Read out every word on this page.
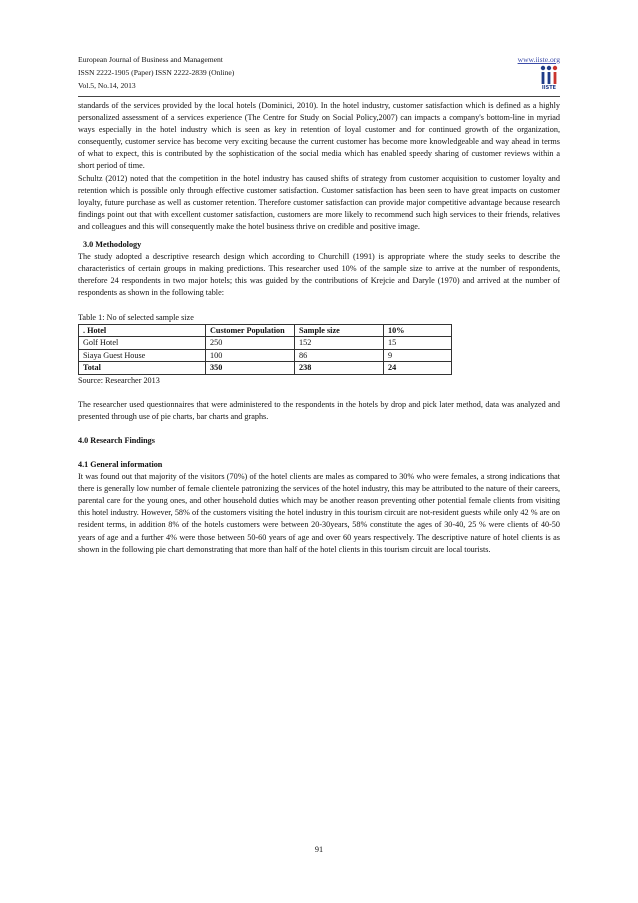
European Journal of Business and Management
ISSN 2222-1905 (Paper) ISSN 2222-2839 (Online)
Vol.5, No.14, 2013
www.iiste.org
IISTE

standards of the services provided by the local hotels (Dominici, 2010). In the hotel industry, customer satisfaction which is defined as a highly personalized assessment of a services experience (The Centre for Study on Social Policy,2007) can impacts a company's bottom-line in myriad ways especially in the hotel industry which is seen as key in retention of loyal customer and for continued growth of the organization, consequently, customer service has become very exciting because the current customer has become more knowledgeable and way ahead in terms of what to expect, this is contributed by the sophistication of the social media which has enabled speedy sharing of customer reviews within a short period of time.

Schultz (2012) noted that the competition in the hotel industry has caused shifts of strategy from customer acquisition to customer loyalty and retention which is possible only through effective customer satisfaction. Customer satisfaction has been seen to have great impacts on customer loyalty, future purchase as well as customer retention. Therefore customer satisfaction can provide major competitive advantage because research findings point out that with excellent customer satisfaction, customers are more likely to recommend such high services to their friends, relatives and colleagues and this will consequently make the hotel business thrive on credible and positive image.

3.0 Methodology

The study adopted a descriptive research design which according to Churchill (1991) is appropriate where the study seeks to describe the characteristics of certain groups in making predictions. This researcher used 10% of the sample size to arrive at the number of respondents, therefore 24 respondents in two major hotels; this was guided by the contributions of Krejcie and Daryle (1970) and arrived at the number of respondents as shown in the following table:

Table 1: No of selected sample size

. Hotel	Customer Population	Sample size	10%
Golf Hotel	250	152	15
Siaya Guest House	100	86	9
Total	350	238	24

Source: Researcher 2013

The researcher used questionnaires that were administered to the respondents in the hotels by drop and pick later method, data was analyzed and presented through use of pie charts, bar charts and graphs.

4.0 Research Findings

4.1 General information

It was found out that majority of the visitors (70%) of the hotel clients are males as compared to 30% who were females, a strong indications that there is generally low number of female clientele patronizing the services of the hotel industry, this may be attributed to the nature of their careers, parental care for the young ones, and other household duties which may be another reason preventing other potential female clients from visiting this hotel industry. However, 58% of the customers visiting the hotel industry in this tourism circuit are not-resident guests while only 42 % are on resident terms, in addition 8% of the hotels customers were between 20-30years, 58% constitute the ages of 30-40, 25 % were clients of 40-50 years of age and a further 4% were those between 50-60 years of age and over 60 years respectively. The descriptive nature of hotel clients is as shown in the following pie chart demonstrating that more than half of the hotel clients in this tourism circuit are local tourists.

91
